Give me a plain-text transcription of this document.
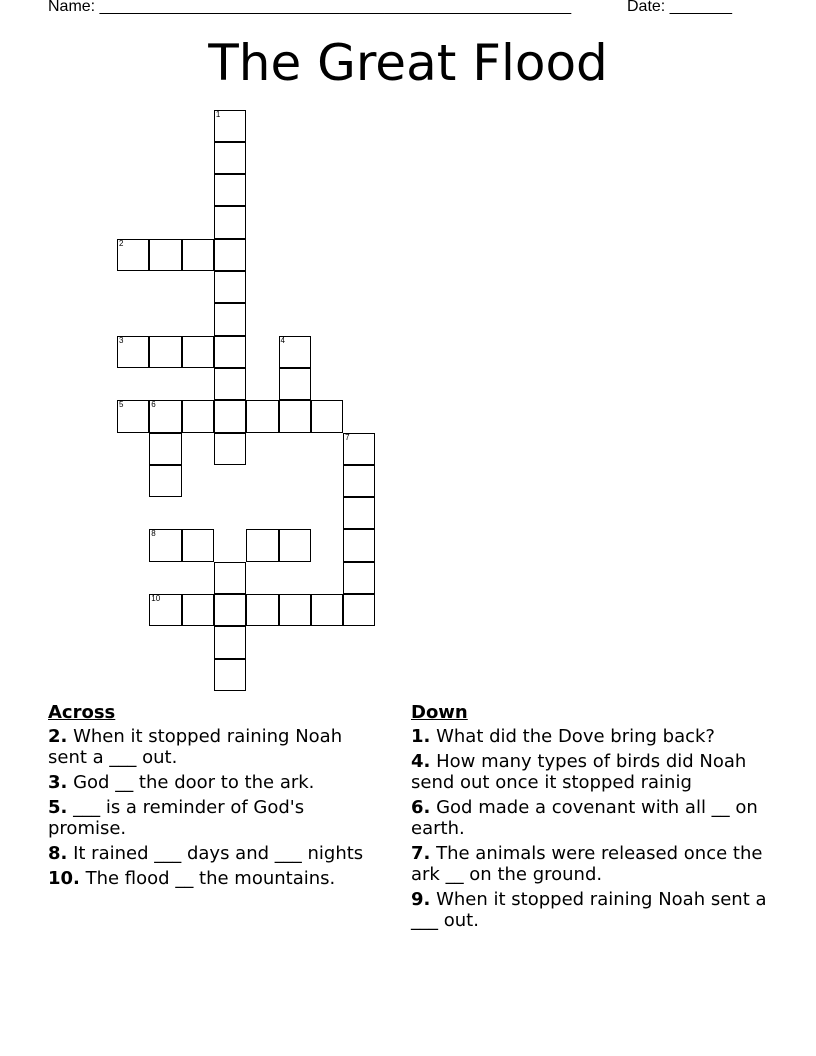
Name: _____________________________________________________	Date: _______
The Great Flood
1
2
3	4
5	6
7
8
10
Across
2. When it stopped raining Noah sent a ___ out.
3. God __ the door to the ark.
5. ___ is a reminder of God's promise.
8. It rained ___ days and ___ nights
10. The flood __ the mountains.
Down
1. What did the Dove bring back?
4. How many types of birds did Noah send out once it stopped rainig
6. God made a covenant with all __ on earth.
7. The animals were released once the ark __ on the ground.
9. When it stopped raining Noah sent a ___ out.
